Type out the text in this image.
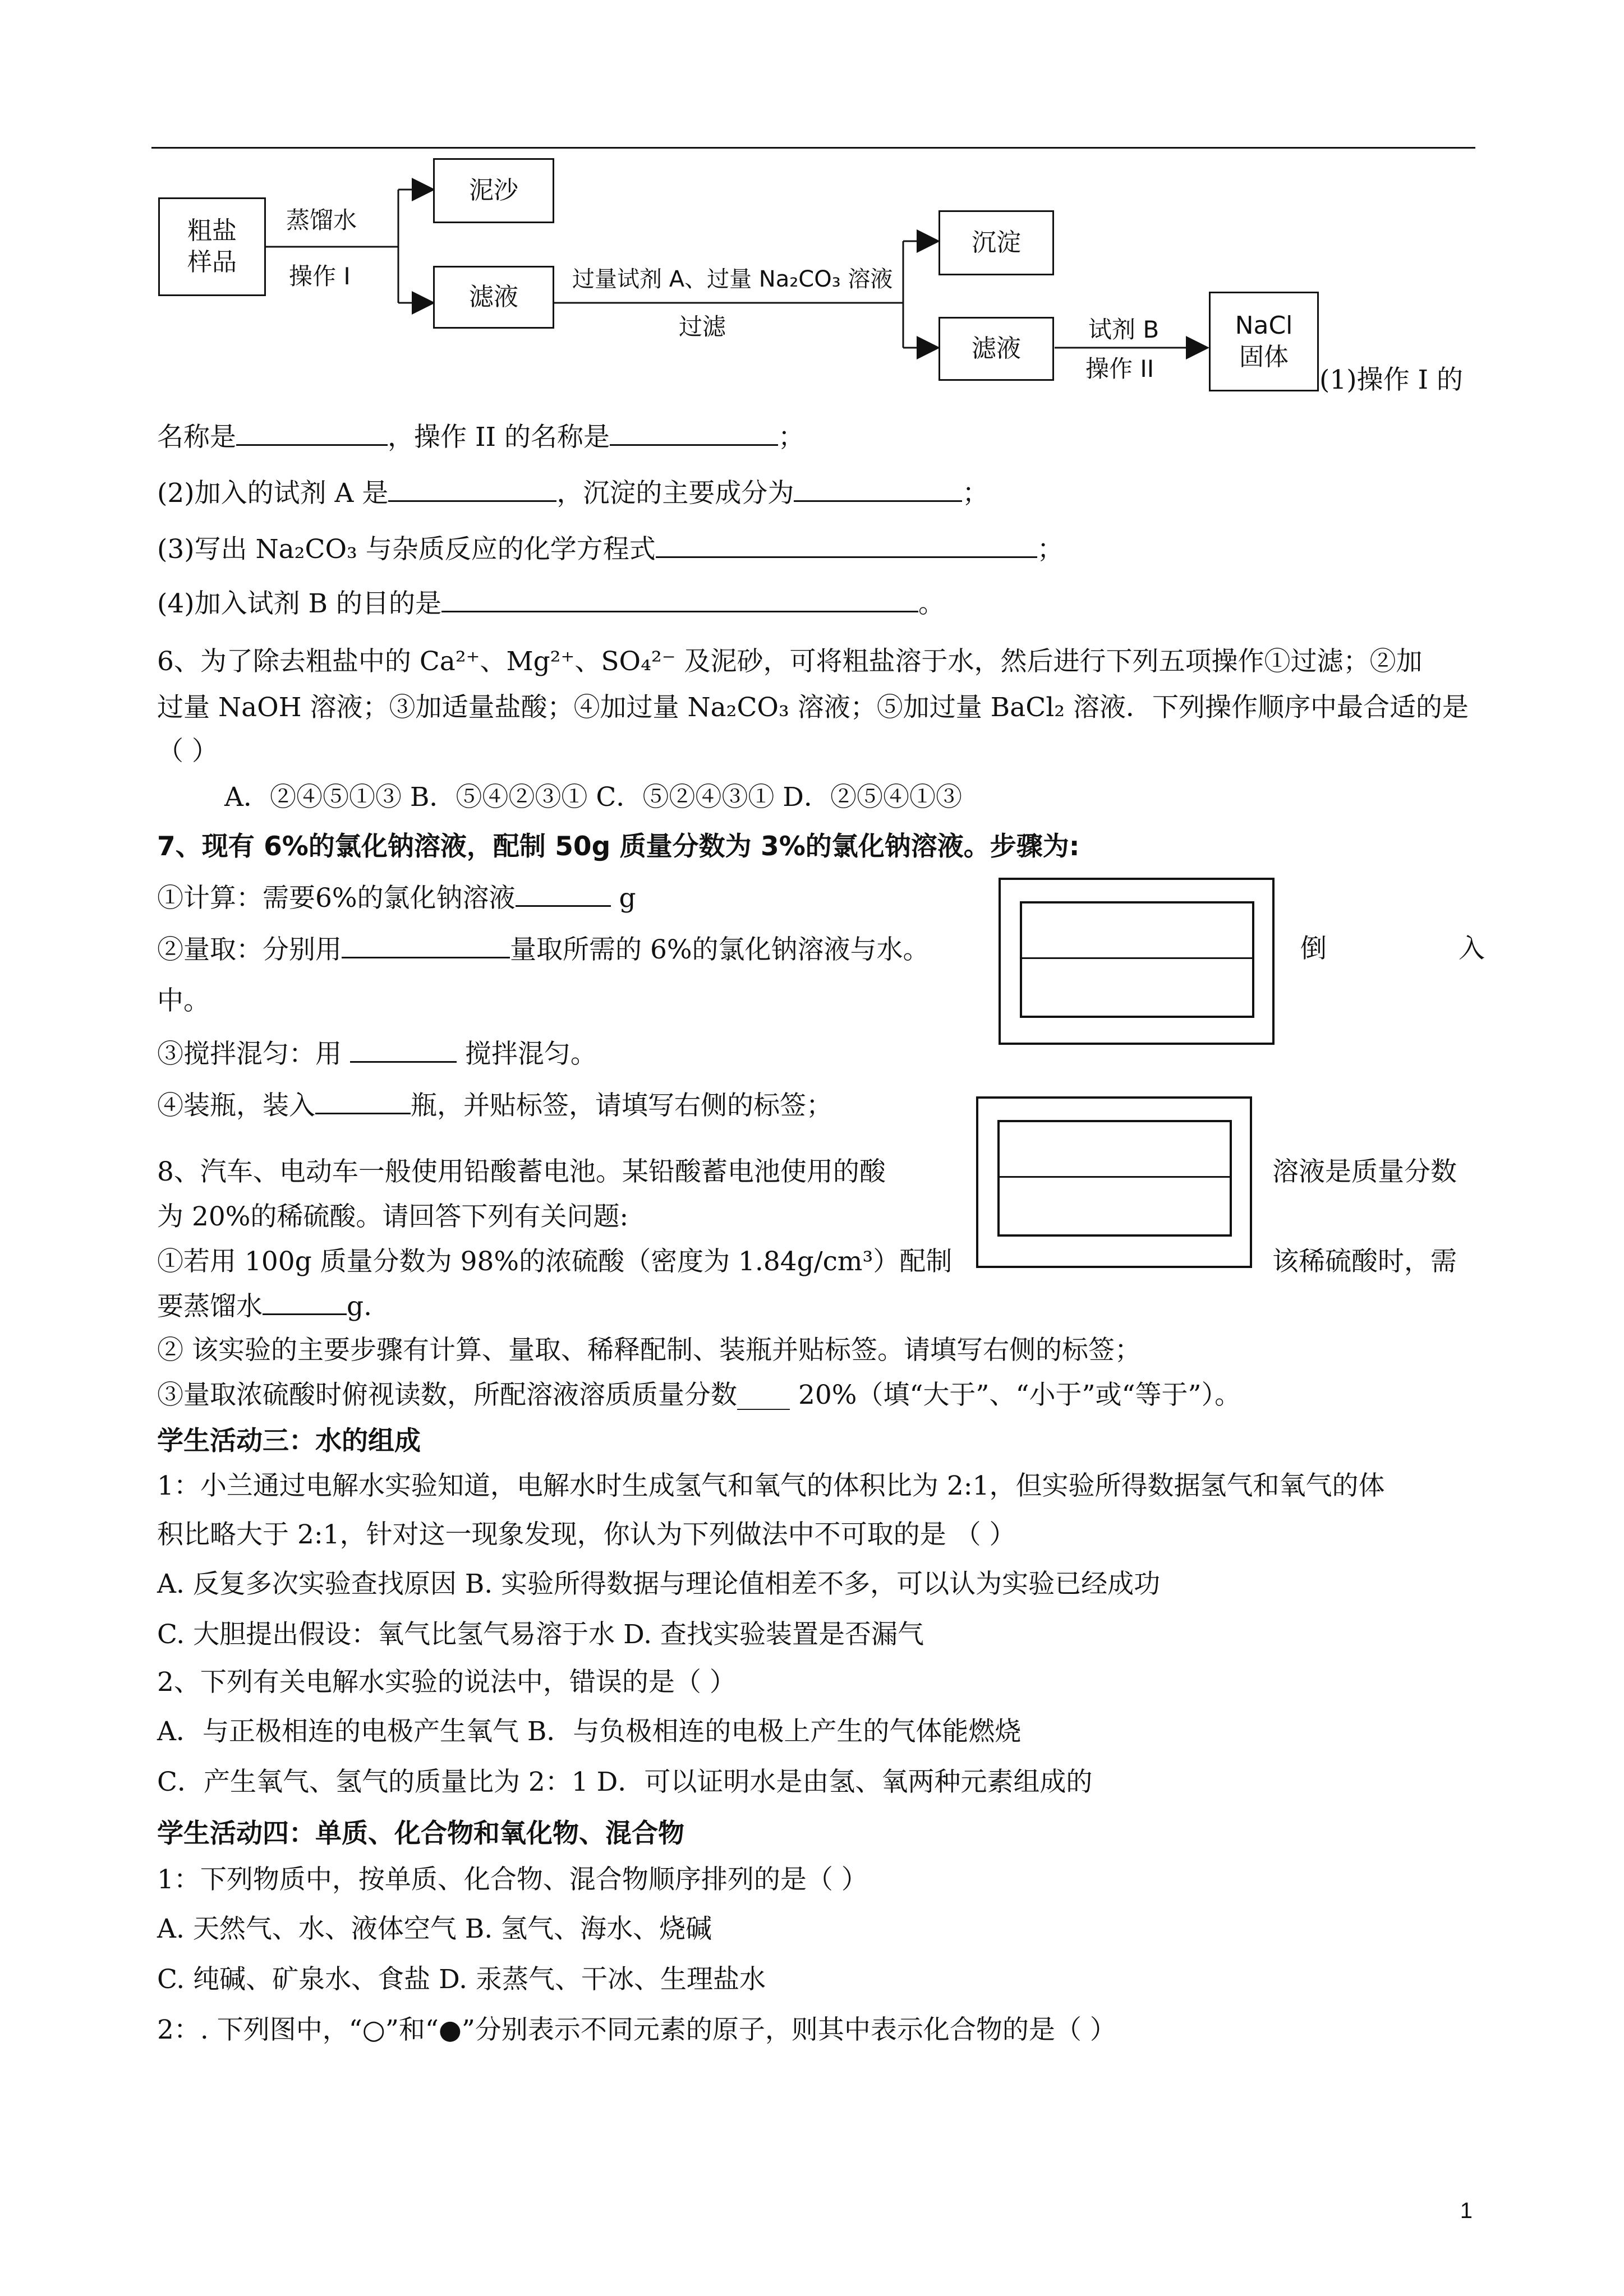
粗盐
样品
蒸馏水
操作 I
泥沙
滤液
过量试剂 A、过量 Na₂CO₃ 溶液
过滤
沉淀
滤液
试剂 B
操作 II
NaCl
固体
(1)操作 I 的
名称是	，操作 II 的名称是	；
(2)加入的试剂 A 是	，沉淀的主要成分为	；
(3)写出 Na₂CO₃ 与杂质反应的化学方程式	；
(4)加入试剂 B 的目的是	。
6、为了除去粗盐中的 Ca²⁺、Mg²⁺、SO₄²⁻ 及泥砂，可将粗盐溶于水，然后进行下列五项操作①过滤；②加
过量 NaOH 溶液；③加适量盐酸；④加过量 Na₂CO₃ 溶液；⑤加过量 BaCl₂ 溶液．下列操作顺序中最合适的是
（ ）
A．②④⑤①③ B．⑤④②③① C．⑤②④③① D．②⑤④①③
7、现有 6%的氯化钠溶液，配制 50g 质量分数为 3%的氯化钠溶液。步骤为:
①计算：需要6%的氯化钠溶液	g
②量取：分别用	量取所需的 6%的氯化钠溶液与水。	倒	入
中。
③搅拌混匀：用	搅拌混匀。
④装瓶，装入	瓶，并贴标签，请填写右侧的标签；
8、汽车、电动车一般使用铅酸蓄电池。某铅酸蓄电池使用的酸	溶液是质量分数
为 20%的稀硫酸。请回答下列有关问题:
①若用 100g 质量分数为 98%的浓硫酸（密度为 1.84g/cm³）配制	该稀硫酸时，需
要蒸馏水	g.
② 该实验的主要步骤有计算、量取、稀释配制、装瓶并贴标签。请填写右侧的标签；
③量取浓硫酸时俯视读数，所配溶液溶质质量分数____ 20%（填“大于”、“小于”或“等于”）。
学生活动三：水的组成
1：小兰通过电解水实验知道，电解水时生成氢气和氧气的体积比为 2:1，但实验所得数据氢气和氧气的体
积比略大于 2:1，针对这一现象发现，你认为下列做法中不可取的是 （ ）
A. 反复多次实验查找原因 B. 实验所得数据与理论值相差不多，可以认为实验已经成功
C. 大胆提出假设：氧气比氢气易溶于水 D. 查找实验装置是否漏气
2、下列有关电解水实验的说法中，错误的是（ ）
A．与正极相连的电极产生氧气 B．与负极相连的电极上产生的气体能燃烧
C．产生氧气、氢气的质量比为 2：1 D．可以证明水是由氢、氧两种元素组成的
学生活动四：单质、化合物和氧化物、混合物
1：下列物质中，按单质、化合物、混合物顺序排列的是（ ）
A. 天然气、水、液体空气 B. 氢气、海水、烧碱
C. 纯碱、矿泉水、食盐 D. 汞蒸气、干冰、生理盐水
2：. 下列图中，“○”和“●”分别表示不同元素的原子，则其中表示化合物的是（ ）
1
